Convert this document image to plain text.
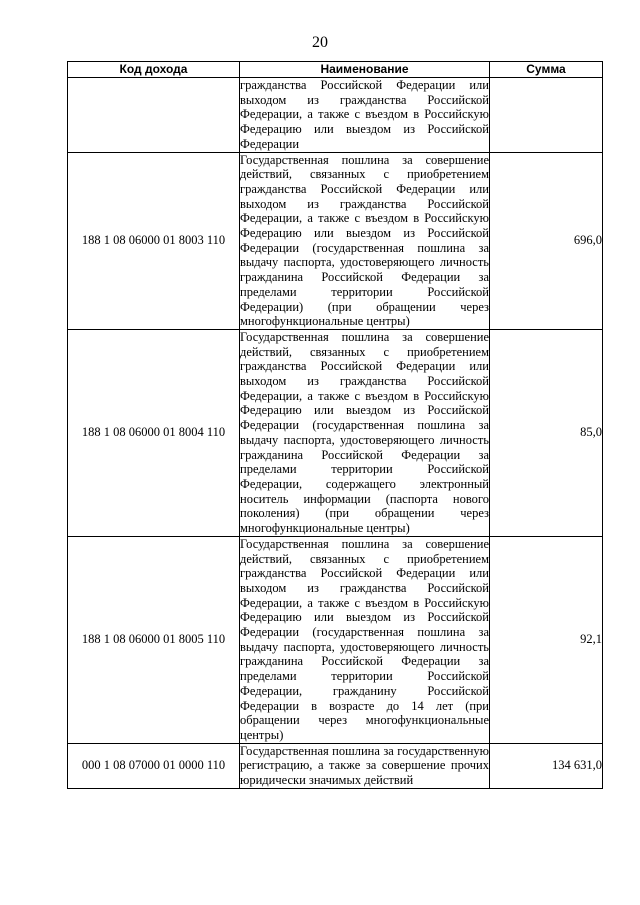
20
Код дохода	Наименование	Сумма

	гражданства Российской Федерации или выходом из гражданства Российской Федерации, а также с въездом в Российскую Федерацию или выездом из Российской Федерации	

188 1 08 06000 01 8003 110	Государственная пошлина за совершение действий, связанных с приобретением гражданства Российской Федерации или выходом из гражданства Российской Федерации, а также с въездом в Российскую Федерацию или выездом из Российской Федерации (государственная пошлина за выдачу паспорта, удостоверяющего личность гражданина Российской Федерации за пределами территории Российской Федерации) (при обращении через многофункциональные центры)	696,0
188 1 08 06000 01 8004 110	Государственная пошлина за совершение действий, связанных с приобретением гражданства Российской Федерации или выходом из гражданства Российской Федерации, а также с въездом в Российскую Федерацию или выездом из Российской Федерации (государственная пошлина за выдачу паспорта, удостоверяющего личность гражданина Российской Федерации за пределами территории Российской Федерации, содержащего электронный носитель информации (паспорта нового поколения) (при обращении через многофункциональные центры)	85,0
188 1 08 06000 01 8005 110	Государственная пошлина за совершение действий, связанных с приобретением гражданства Российской Федерации или выходом из гражданства Российской Федерации, а также с въездом в Российскую Федерацию или выездом из Российской Федерации (государственная пошлина за выдачу паспорта, удостоверяющего личность гражданина Российской Федерации за пределами территории Российской Федерации, гражданину Российской Федерации в возрасте до 14 лет (при обращении через многофункциональные центры)	92,1
000 1 08 07000 01 0000 110	Государственная пошлина за государственную регистрацию, а также за совершение прочих юридически значимых действий	134 631,0
